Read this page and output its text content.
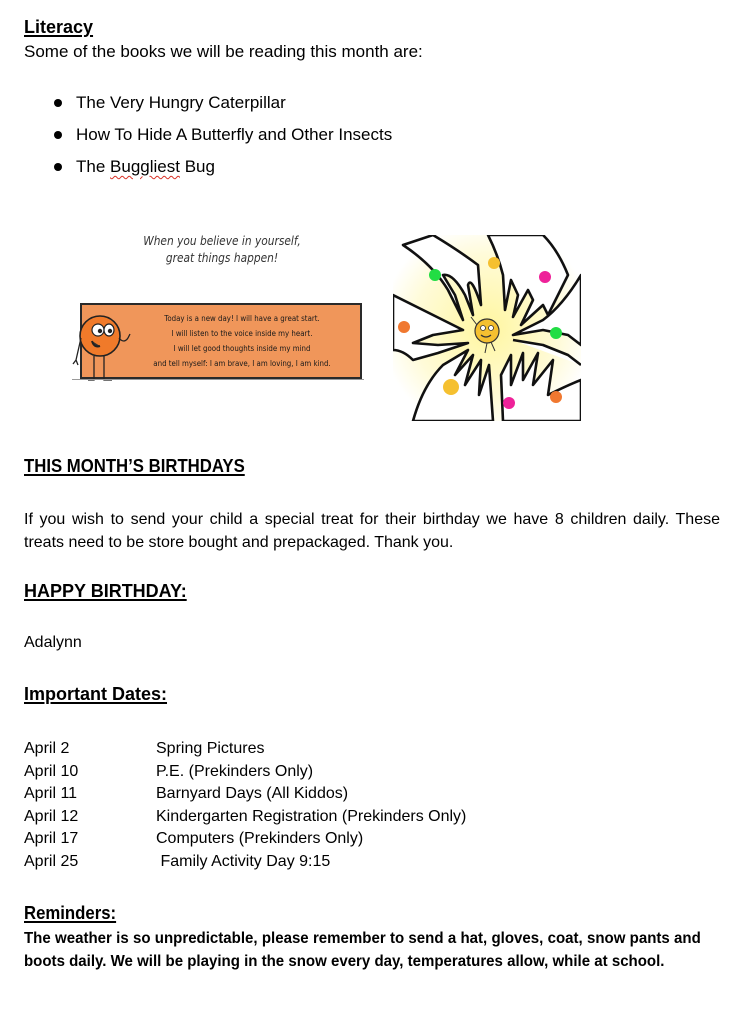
Literacy
Some of the books we will be reading this month are:
The Very Hungry Caterpillar
How To Hide A Butterfly and Other Insects
The Buggliest Bug
When you believe in yourself,
great things happen!
Today is a new day! I will have a great start.
I will listen to the voice inside my heart.
I will let good thoughts inside my mind
and tell myself: I am brave, I am loving, I am kind.
THIS MONTH’S BIRTHDAYS
If you wish to send your child a special treat for their birthday we have 8 children daily. These treats need to be store bought and prepackaged. Thank you.
HAPPY BIRTHDAY:
Adalynn
Important Dates:
April 2	Spring Pictures
April 10	P.E. (Prekinders Only)
April 11	Barnyard Days (All Kiddos)
April 12	Kindergarten Registration (Prekinders Only)
April 17	Computers (Prekinders Only)
April 25	Family Activity Day 9:15
Reminders:
The weather is so unpredictable, please remember to send a hat, gloves, coat, snow pants and boots daily. We will be playing in the snow every day, temperatures allow, while at school.
